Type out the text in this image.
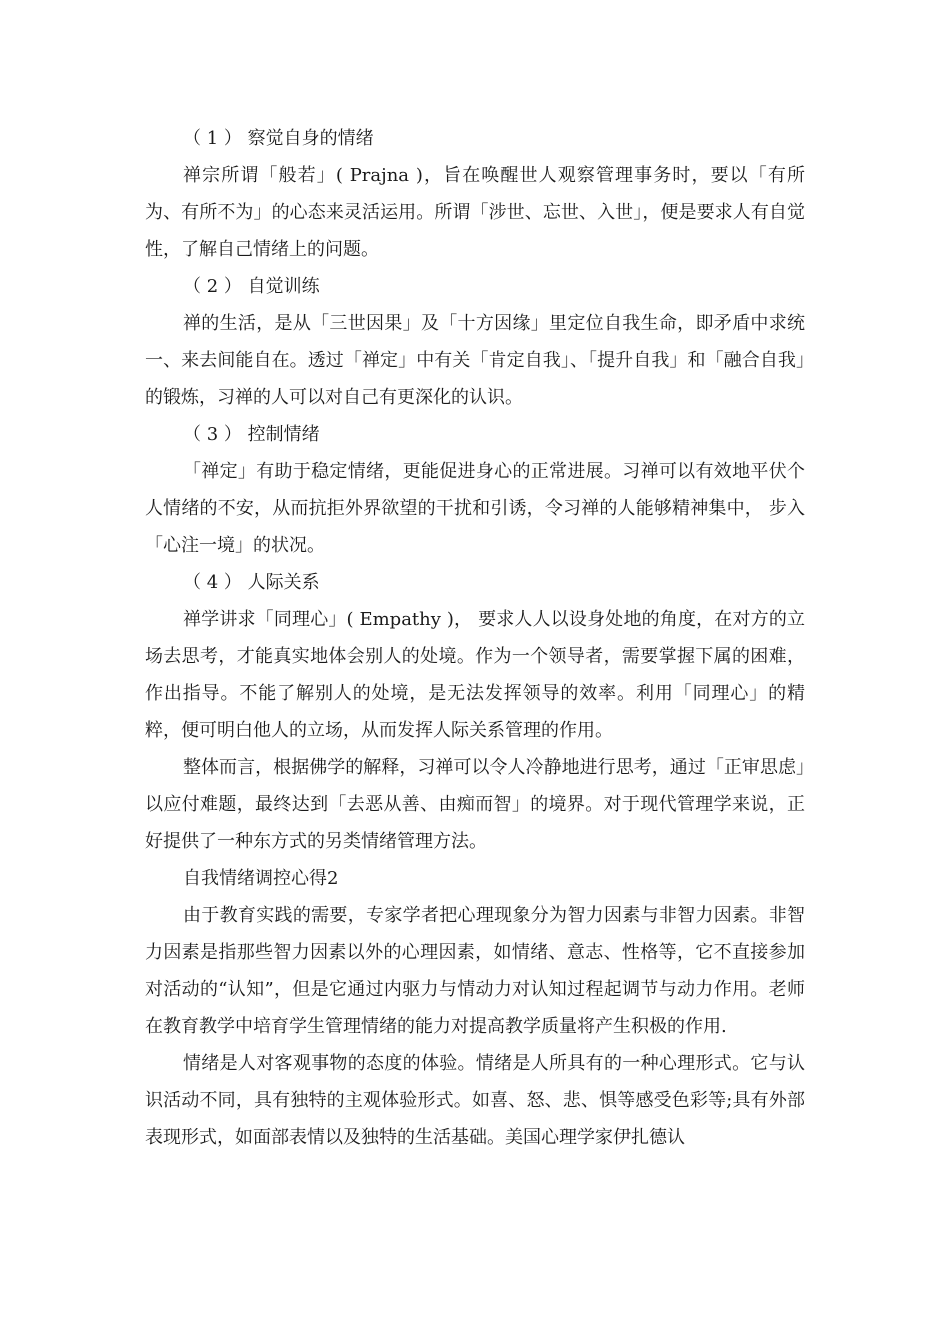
（ 1 ） 察觉自身的情绪

禅宗所谓「般若」( Prajna )，旨在唤醒世人观察管理事务时，要以「有所为、有所不为」的心态来灵活运用。所谓「涉世、忘世、入世」，便是要求人有自觉性，了解自己情绪上的问题。

（ 2 ） 自觉训练

禅的生活，是从「三世因果」及「十方因缘」里定位自我生命，即矛盾中求统一、来去间能自在。透过「禅定」中有关「肯定自我」、「提升自我」和「融合自我」的锻炼，习禅的人可以对自己有更深化的认识。

（ 3 ） 控制情绪

「禅定」有助于稳定情绪，更能促进身心的正常进展。习禅可以有效地平伏个人情绪的不安，从而抗拒外界欲望的干扰和引诱，令习禅的人能够精神集中， 步入「心注一境」的状况。

（ 4 ） 人际关系

禅学讲求「同理心」( Empathy )， 要求人人以设身处地的角度，在对方的立场去思考，才能真实地体会别人的处境。作为一个领导者，需要掌握下属的困难，作出指导。不能了解别人的处境，是无法发挥领导的效率。利用「同理心」的精粹，便可明白他人的立场，从而发挥人际关系管理的作用。

整体而言，根据佛学的解释，习禅可以令人冷静地进行思考，通过「正审思虑」以应付难题，最终达到「去恶从善、由痴而智」的境界。对于现代管理学来说，正好提供了一种东方式的另类情绪管理方法。

自我情绪调控心得2

由于教育实践的需要，专家学者把心理现象分为智力因素与非智力因素。非智力因素是指那些智力因素以外的心理因素，如情绪、意志、性格等，它不直接参加对活动的“认知”，但是它通过内驱力与情动力对认知过程起调节与动力作用。老师在教育教学中培育学生管理情绪的能力对提高教学质量将产生积极的作用.

情绪是人对客观事物的态度的体验。情绪是人所具有的一种心理形式。它与认识活动不同，具有独特的主观体验形式。如喜、怒、悲、惧等感受色彩等;具有外部表现形式，如面部表情以及独特的生活基础。美国心理学家伊扎德认
